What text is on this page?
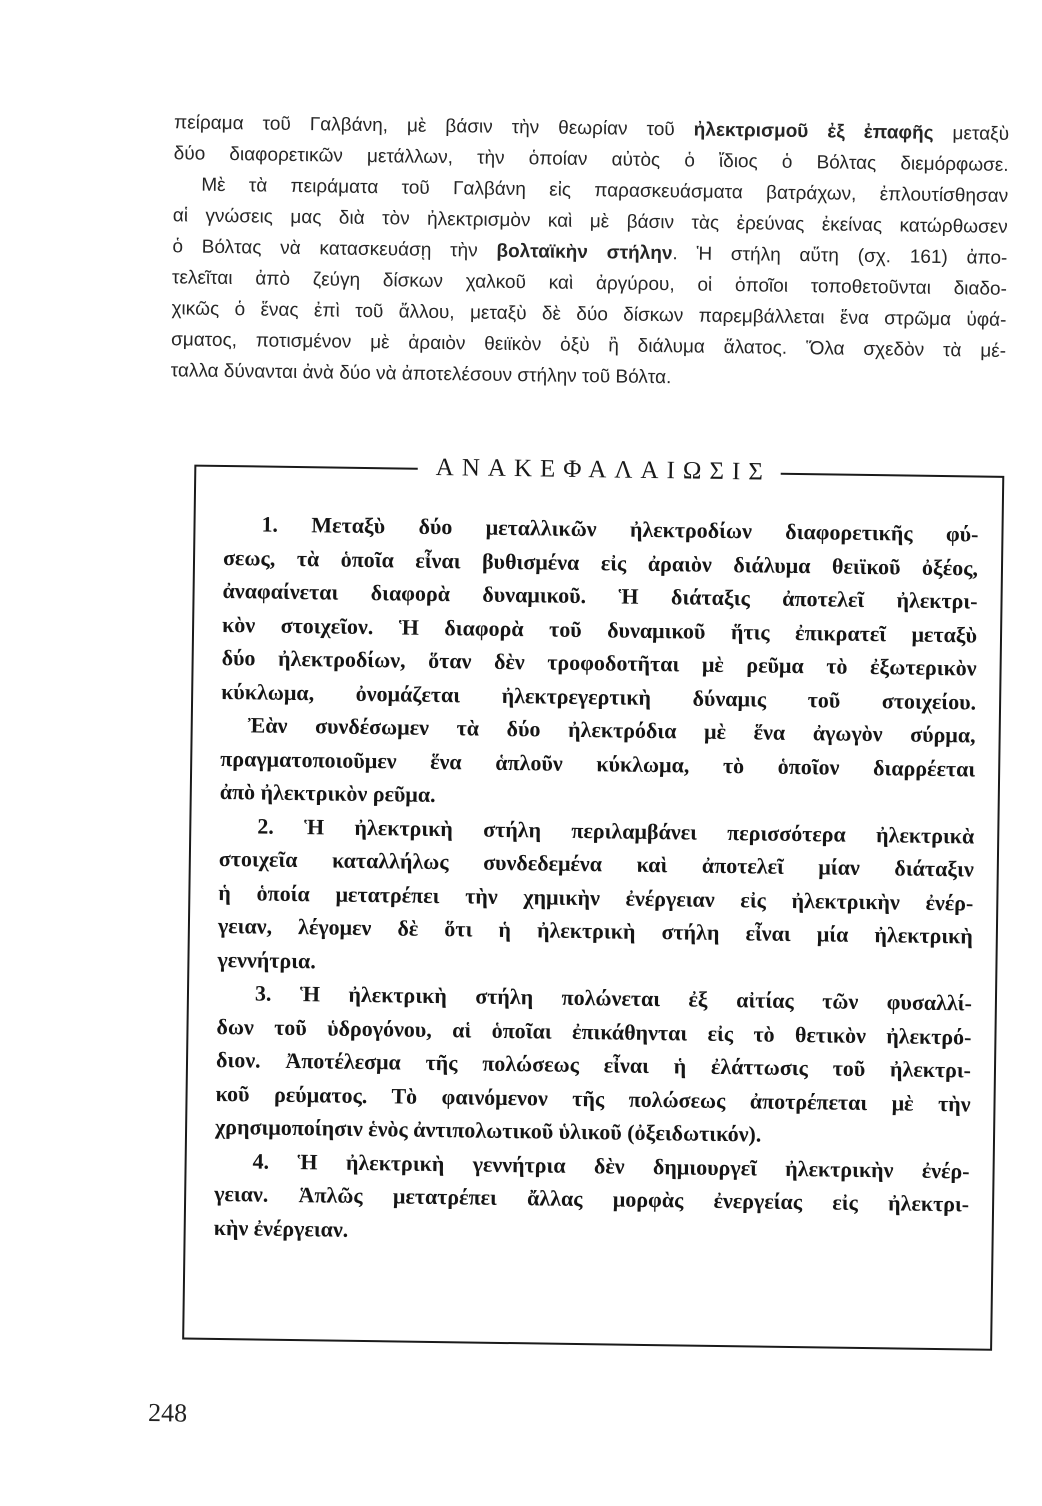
πείραμα τοῦ Γαλβάνη, μὲ βάσιν τὴν θεωρίαν τοῦ ἠλεκτρισμοῦ ἐξ ἐπαφῆς μεταξὺ
δύο διαφορετικῶν μετάλλων, τὴν ὁποίαν αὐτὸς ὁ ἴδιος ὁ Βόλτας διεμόρφωσε.
Μὲ τὰ πειράματα τοῦ Γαλβάνη εἰς παρασκευάσματα βατράχων, ἐπλουτίσθησαν
αἱ γνώσεις μας διὰ τὸν ἠλεκτρισμὸν καὶ μὲ βάσιν τὰς ἐρεύνας ἐκείνας κατώρθωσεν
ὁ Βόλτας νὰ κατασκευάσῃ τὴν βολταϊκὴν στήλην. Ἡ στήλη αὕτη (σχ. 161) ἀπο-
τελεῖται ἀπὸ ζεύγη δίσκων χαλκοῦ καὶ ἀργύρου, οἱ ὁποῖοι τοποθετοῦνται διαδο-
χικῶς ὁ ἕνας ἐπὶ τοῦ ἄλλου, μεταξὺ δὲ δύο δίσκων παρεμβάλλεται ἕνα στρῶμα ὑφά-
σματος, ποτισμένον μὲ ἀραιὸν θειϊκὸν ὀξὺ ἢ διάλυμα ἅλατος. Ὅλα σχεδὸν τὰ μέ-
ταλλα δύνανται ἀνὰ δύο νὰ ἀποτελέσουν στήλην τοῦ Βόλτα.
ΑΝΑΚΕΦΑΛΑΙΩΣΙΣ
1. Μεταξὺ δύο μεταλλικῶν ἠλεκτροδίων διαφορετικῆς φύ-
σεως, τὰ ὁποῖα εἶναι βυθισμένα εἰς ἀραιὸν διάλυμα θειϊκοῦ ὀξέος,
ἀναφαίνεται διαφορὰ δυναμικοῦ. Ἡ διάταξις ἀποτελεῖ ἠλεκτρι-
κὸν στοιχεῖον. Ἡ διαφορὰ τοῦ δυναμικοῦ ἥτις ἐπικρατεῖ μεταξὺ
δύο ἠλεκτροδίων, ὅταν δὲν τροφοδοτῆται μὲ ρεῦμα τὸ ἐξωτερικὸν
κύκλωμα, ὀνομάζεται ἠλεκτρεγερτικὴ δύναμις τοῦ στοιχείου.
Ἐὰν συνδέσωμεν τὰ δύο ἠλεκτρόδια μὲ ἕνα ἀγωγὸν σύρμα,
πραγματοποιοῦμεν ἕνα ἁπλοῦν κύκλωμα, τὸ ὁποῖον διαρρέεται
ἀπὸ ἠλεκτρικὸν ρεῦμα.
2. Ἡ ἠλεκτρικὴ στήλη περιλαμβάνει περισσότερα ἠλεκτρικὰ
στοιχεῖα καταλλήλως συνδεδεμένα καὶ ἀποτελεῖ μίαν διάταξιν
ἡ ὁποία μετατρέπει τὴν χημικὴν ἐνέργειαν εἰς ἠλεκτρικὴν ἐνέρ-
γειαν, λέγομεν δὲ ὅτι ἡ ἠλεκτρικὴ στήλη εἶναι μία ἠλεκτρικὴ
γεννήτρια.
3. Ἡ ἠλεκτρικὴ στήλη πολώνεται ἐξ αἰτίας τῶν φυσαλλί-
δων τοῦ ὑδρογόνου, αἱ ὁποῖαι ἐπικάθηνται εἰς τὸ θετικὸν ἠλεκτρό-
διον. Ἀποτέλεσμα τῆς πολώσεως εἶναι ἡ ἐλάττωσις τοῦ ἠλεκτρι-
κοῦ ρεύματος. Τὸ φαινόμενον τῆς πολώσεως ἀποτρέπεται μὲ τὴν
χρησιμοποίησιν ἑνὸς ἀντιπολωτικοῦ ὑλικοῦ (ὀξειδωτικόν).
4. Ἡ ἠλεκτρικὴ γεννήτρια δὲν δημιουργεῖ ἠλεκτρικὴν ἐνέρ-
γειαν. Ἁπλῶς μετατρέπει ἄλλας μορφὰς ἐνεργείας εἰς ἠλεκτρι-
κὴν ἐνέργειαν.
248
